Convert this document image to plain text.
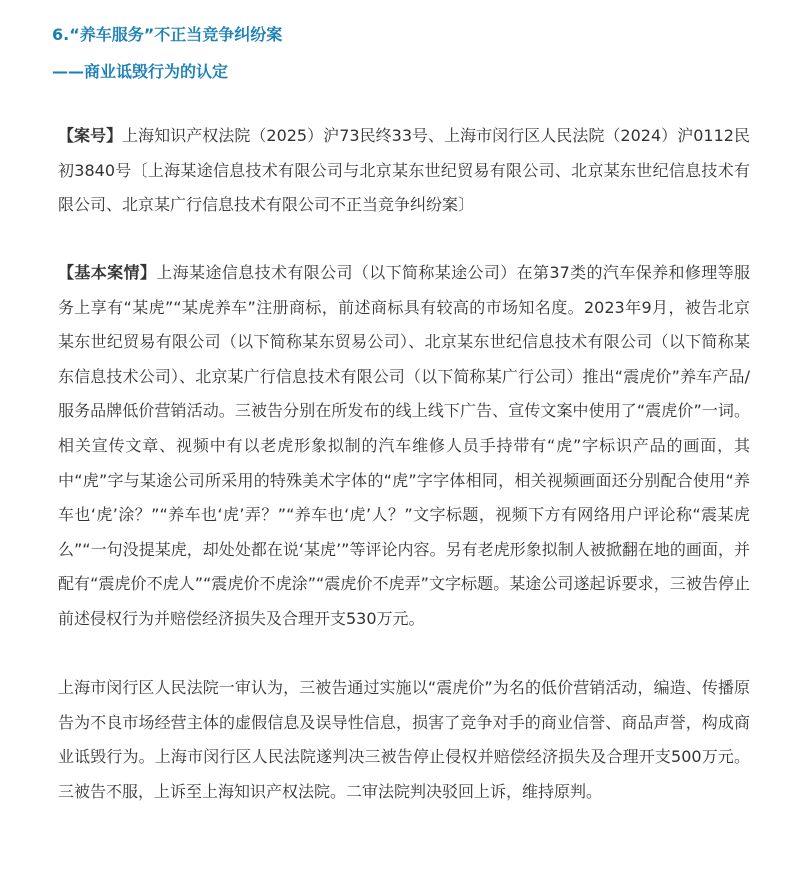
6.“养车服务”不正当竞争纠纷案
——商业诋毁行为的认定

【案号】上海知识产权法院（2025）沪73民终33号、上海市闵行区人民法院（2024）沪0112民初3840号〔上海某途信息技术有限公司与北京某东世纪贸易有限公司、北京某东世纪信息技术有限公司、北京某广行信息技术有限公司不正当竞争纠纷案〕

【基本案情】上海某途信息技术有限公司（以下简称某途公司）在第37类的汽车保养和修理等服务上享有“某虎”“某虎养车”注册商标，前述商标具有较高的市场知名度。2023年9月，被告北京某东世纪贸易有限公司（以下简称某东贸易公司）、北京某东世纪信息技术有限公司（以下简称某东信息技术公司）、北京某广行信息技术有限公司（以下简称某广行公司）推出“震虎价”养车产品/服务品牌低价营销活动。三被告分别在所发布的线上线下广告、宣传文案中使用了“震虎价”一词。相关宣传文章、视频中有以老虎形象拟制的汽车维修人员手持带有“虎”字标识产品的画面，其中“虎”字与某途公司所采用的特殊美术字体的“虎”字字体相同，相关视频画面还分别配合使用“养车也‘虎’涂？”“养车也‘虎’弄？”“养车也‘虎’人？”文字标题，视频下方有网络用户评论称“震某虎么”“一句没提某虎，却处处都在说‘某虎’”等评论内容。另有老虎形象拟制人被掀翻在地的画面，并配有“震虎价不虎人”“震虎价不虎涂”“震虎价不虎弄”文字标题。某途公司遂起诉要求，三被告停止前述侵权行为并赔偿经济损失及合理开支530万元。

上海市闵行区人民法院一审认为，三被告通过实施以“震虎价”为名的低价营销活动，编造、传播原告为不良市场经营主体的虚假信息及误导性信息，损害了竞争对手的商业信誉、商品声誉，构成商业诋毁行为。上海市闵行区人民法院遂判决三被告停止侵权并赔偿经济损失及合理开支500万元。三被告不服，上诉至上海知识产权法院。二审法院判决驳回上诉，维持原判。
